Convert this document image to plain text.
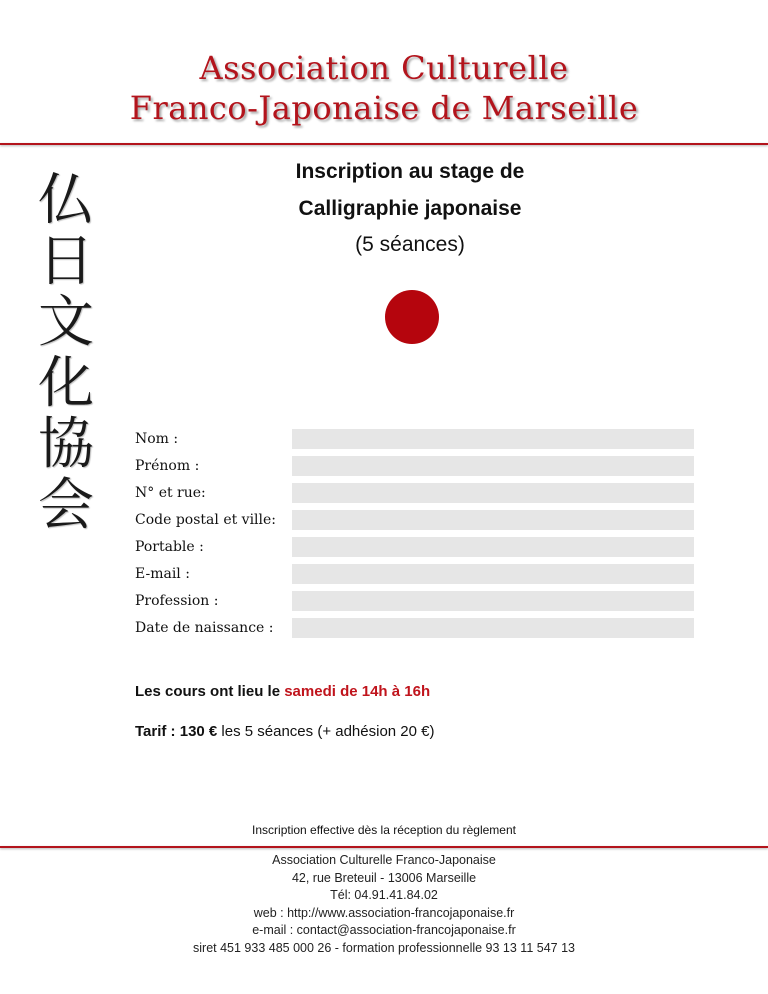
Association Culturelle
Franco-Japonaise de Marseille
仏
日
文
化
協
会
Inscription au stage de
Calligraphie japonaise
(5 séances)
Nom :
Prénom :
N° et rue:
Code postal et ville:
Portable :
E-mail :
Profession :
Date de naissance :
Les cours ont lieu le samedi de 14h à 16h
Tarif : 130 € les 5 séances (+ adhésion 20 €)
Inscription effective dès la réception du règlement
Association Culturelle Franco-Japonaise
42, rue Breteuil - 13006 Marseille
Tél: 04.91.41.84.02
web : http://www.association-francojaponaise.fr
e-mail : contact@association-francojaponaise.fr
siret 451 933 485 000 26 - formation professionnelle 93 13 11 547 13
